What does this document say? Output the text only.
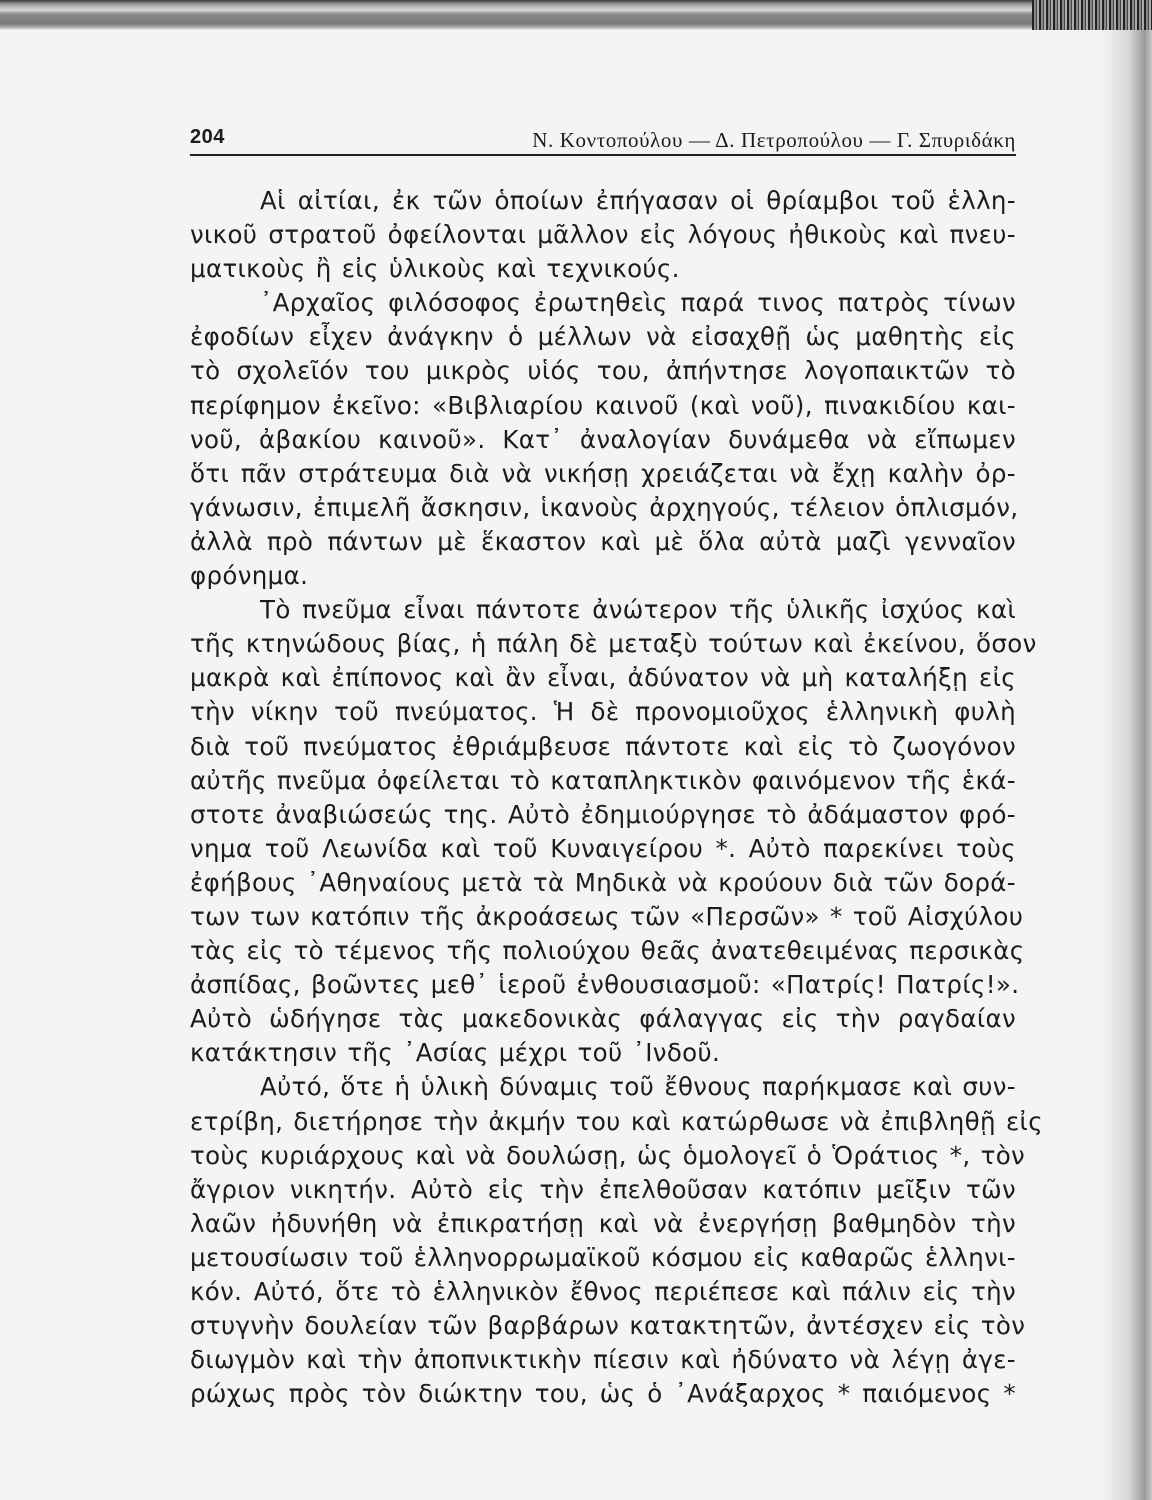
204	Ν. Κοντοπούλου — Δ. Πετροπούλου — Γ. Σπυριδάκη

Αἱ αἰτίαι, ἐκ τῶν ὁποίων ἐπήγασαν οἱ θρίαμβοι τοῦ ἑλλη-
νικοῦ στρατοῦ ὀφείλονται μᾶλλον εἰς λόγους ἠθικοὺς καὶ πνευ-
ματικοὺς ἢ εἰς ὑλικοὺς καὶ τεχνικούς.

᾿Αρχαῖος φιλόσοφος ἐρωτηθεὶς παρά τινος πατρὸς τίνων
ἐφοδίων εἶχεν ἀνάγκην ὁ μέλλων νὰ εἰσαχθῇ ὡς μαθητὴς εἰς
τὸ σχολεῖόν του μικρὸς υἱός του, ἀπήντησε λογοπαικτῶν τὸ
περίφημον ἐκεῖνο: «Βιβλιαρίου καινοῦ (καὶ νοῦ), πινακιδίου και-
νοῦ, ἀβακίου καινοῦ». Κατ᾿ ἀναλογίαν δυνάμεθα νὰ εἴπωμεν
ὅτι πᾶν στράτευμα διὰ νὰ νικήσῃ χρειάζεται νὰ ἔχῃ καλὴν ὀρ-
γάνωσιν, ἐπιμελῆ ἄσκησιν, ἱκανοὺς ἀρχηγούς, τέλειον ὁπλισμόν,
ἀλλὰ πρὸ πάντων μὲ ἕκαστον καὶ μὲ ὅλα αὐτὰ μαζὶ γενναῖον
φρόνημα.

Τὸ πνεῦμα εἶναι πάντοτε ἀνώτερον τῆς ὑλικῆς ἰσχύος καὶ
τῆς κτηνώδους βίας, ἡ πάλη δὲ μεταξὺ τούτων καὶ ἐκείνου, ὅσον
μακρὰ καὶ ἐπίπονος καὶ ἂν εἶναι, ἀδύνατον νὰ μὴ καταλήξῃ εἰς
τὴν νίκην τοῦ πνεύματος. Ἡ δὲ προνομιοῦχος ἑλληνικὴ φυλὴ
διὰ τοῦ πνεύματος ἐθριάμβευσε πάντοτε καὶ εἰς τὸ ζωογόνον
αὐτῆς πνεῦμα ὀφείλεται τὸ καταπληκτικὸν φαινόμενον τῆς ἑκά-
στοτε ἀναβιώσεώς της. Αὐτὸ ἐδημιούργησε τὸ ἀδάμαστον φρό-
νημα τοῦ Λεωνίδα καὶ τοῦ Κυναιγείρου *. Αὐτὸ παρεκίνει τοὺς
ἐφήβους ᾿Αθηναίους μετὰ τὰ Μηδικὰ νὰ κρούουν διὰ τῶν δορά-
των των κατόπιν τῆς ἀκροάσεως τῶν «Περσῶν» * τοῦ Αἰσχύλου
τὰς εἰς τὸ τέμενος τῆς πολιούχου θεᾶς ἀνατεθειμένας περσικὰς
ἀσπίδας, βοῶντες μεθ᾿ ἱεροῦ ἐνθουσιασμοῦ: «Πατρίς! Πατρίς!».
Αὐτὸ ὡδήγησε τὰς μακεδονικὰς φάλαγγας εἰς τὴν ραγδαίαν
κατάκτησιν τῆς ᾿Ασίας μέχρι τοῦ ᾿Ινδοῦ.

Αὐτό, ὅτε ἡ ὑλικὴ δύναμις τοῦ ἔθνους παρήκμασε καὶ συν-
ετρίβη, διετήρησε τὴν ἀκμήν του καὶ κατώρθωσε νὰ ἐπιβληθῇ εἰς
τοὺς κυριάρχους καὶ νὰ δουλώσῃ, ὡς ὁμολογεῖ ὁ Ὁράτιος *, τὸν
ἄγριον νικητήν. Αὐτὸ εἰς τὴν ἐπελθοῦσαν κατόπιν μεῖξιν τῶν
λαῶν ἠδυνήθη νὰ ἐπικρατήσῃ καὶ νὰ ἐνεργήσῃ βαθμηδὸν τὴν
μετουσίωσιν τοῦ ἑλληνορρωμαϊκοῦ κόσμου εἰς καθαρῶς ἑλληνι-
κόν. Αὐτό, ὅτε τὸ ἑλληνικὸν ἔθνος περιέπεσε καὶ πάλιν εἰς τὴν
στυγνὴν δουλείαν τῶν βαρβάρων κατακτητῶν, ἀντέσχεν εἰς τὸν
διωγμὸν καὶ τὴν ἀποπνικτικὴν πίεσιν καὶ ἠδύνατο νὰ λέγῃ ἀγε-
ρώχως πρὸς τὸν διώκτην του, ὡς ὁ ᾿Ανάξαρχος * παιόμενος *
